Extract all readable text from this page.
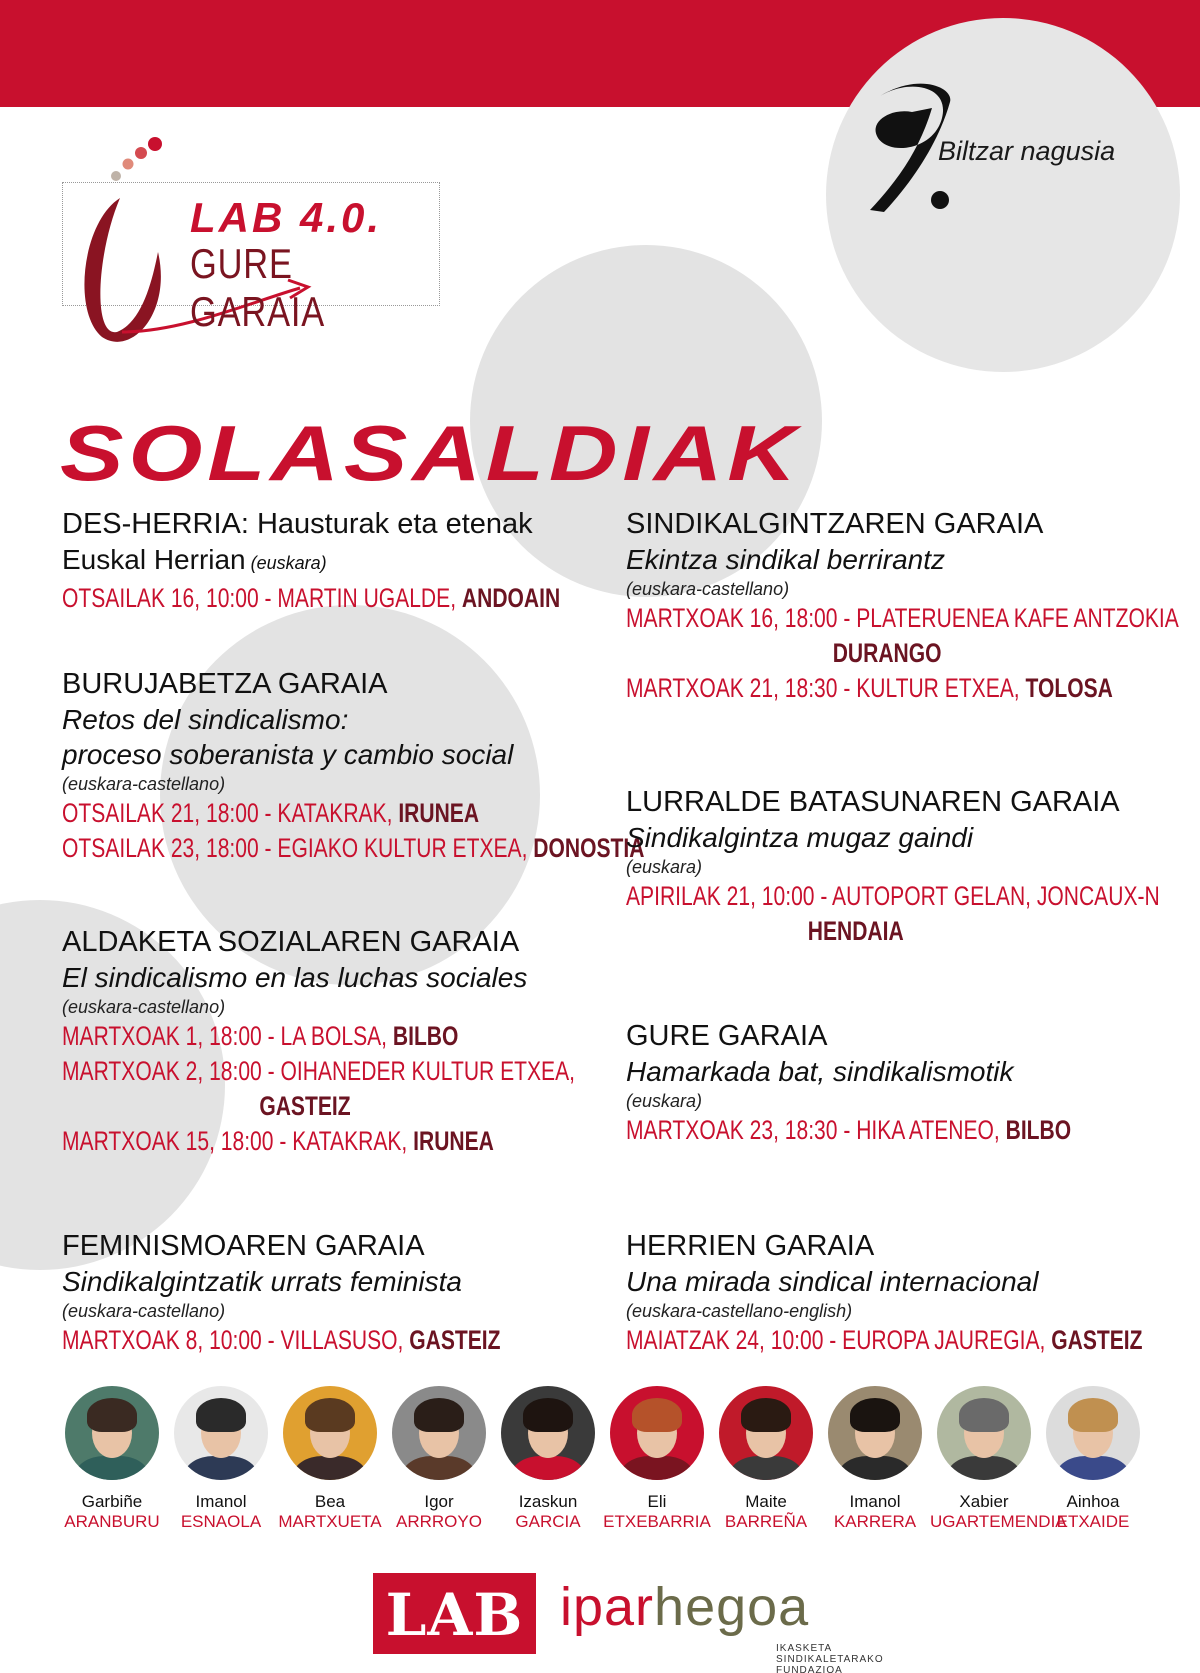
Biltzar nagusia
LAB 4.0.
GURE GARAIA
SOLASALDIAK
DES-HERRIA: Hausturak eta etenak
Euskal Herrian (euskara)
OTSAILAK 16, 10:00 - MARTIN UGALDE, ANDOAIN
BURUJABETZA GARAIA
Retos del sindicalismo:
proceso soberanista y cambio social
(euskara-castellano)
OTSAILAK 21, 18:00 - KATAKRAK, IRUNEA
OTSAILAK 23, 18:00 - EGIAKO KULTUR ETXEA, DONOSTIA
ALDAKETA SOZIALAREN GARAIA
El sindicalismo en las luchas sociales
(euskara-castellano)
MARTXOAK 1, 18:00 - LA BOLSA, BILBO
MARTXOAK 2, 18:00 - OIHANEDER KULTUR ETXEA,
GASTEIZ
MARTXOAK 15, 18:00 - KATAKRAK, IRUNEA
FEMINISMOAREN GARAIA
Sindikalgintzatik urrats feminista
(euskara-castellano)
MARTXOAK 8, 10:00 - VILLASUSO, GASTEIZ
SINDIKALGINTZAREN GARAIA
Ekintza sindikal berrirantz
(euskara-castellano)
MARTXOAK 16, 18:00 - PLATERUENEA KAFE ANTZOKIA
DURANGO
MARTXOAK 21, 18:30 - KULTUR ETXEA, TOLOSA
LURRALDE BATASUNAREN GARAIA
Sindikalgintza mugaz gaindi
(euskara)
APIRILAK 21, 10:00 - AUTOPORT GELAN, JONCAUX-N
HENDAIA
GURE GARAIA
Hamarkada bat, sindikalismotik
(euskara)
MARTXOAK 23, 18:30 - HIKA ATENEO, BILBO
HERRIEN GARAIA
Una mirada sindical internacional
(euskara-castellano-english)
MAIATZAK 24, 10:00 - EUROPA JAUREGIA, GASTEIZ
Garbiñe
ARANBURU
Imanol
ESNAOLA
Bea
MARTXUETA
Igor
ARRROYO
Izaskun
GARCIA
Eli
ETXEBARRIA
Maite
BARREÑA
Imanol
KARRERA
Xabier
UGARTEMENDIA
Ainhoa
ETXAIDE
LAB iparhegoa
IKASKETA
SINDIKALETARAKO
FUNDAZIOA
